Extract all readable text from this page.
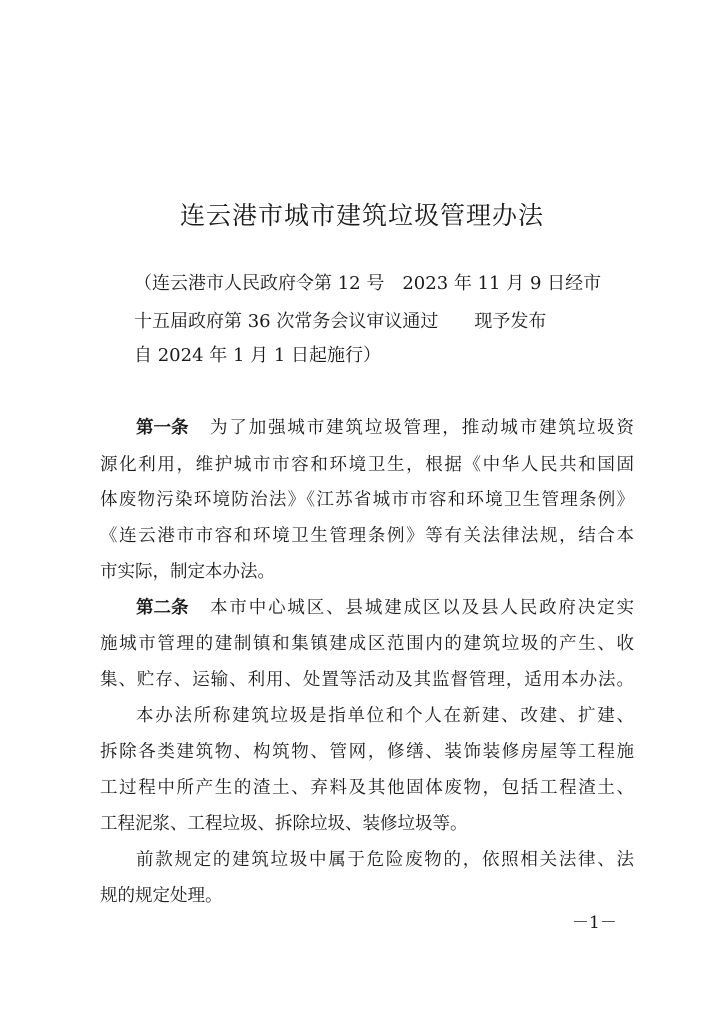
连云港市城市建筑垃圾管理办法
（连云港市人民政府令第 12 号　2023 年 11 月 9 日经市
十五届政府第 36 次常务会议审议通过　　现予发布
自 2024 年 1 月 1 日起施行）
第一条 为了加强城市建筑垃圾管理，推动城市建筑垃圾资
源化利用，维护城市市容和环境卫生，根据《中华人民共和国固
体废物污染环境防治法》《江苏省城市市容和环境卫生管理条例》
《连云港市市容和环境卫生管理条例》等有关法律法规，结合本
市实际，制定本办法。
第二条 本市中心城区、县城建成区以及县人民政府决定实
施城市管理的建制镇和集镇建成区范围内的建筑垃圾的产生、收
集、贮存、运输、利用、处置等活动及其监督管理，适用本办法。
本办法所称建筑垃圾是指单位和个人在新建、改建、扩建、
拆除各类建筑物、构筑物、管网，修缮、装饰装修房屋等工程施
工过程中所产生的渣土、弃料及其他固体废物，包括工程渣土、
工程泥浆、工程垃圾、拆除垃圾、装修垃圾等。
前款规定的建筑垃圾中属于危险废物的，依照相关法律、法
规的规定处理。
－1－
